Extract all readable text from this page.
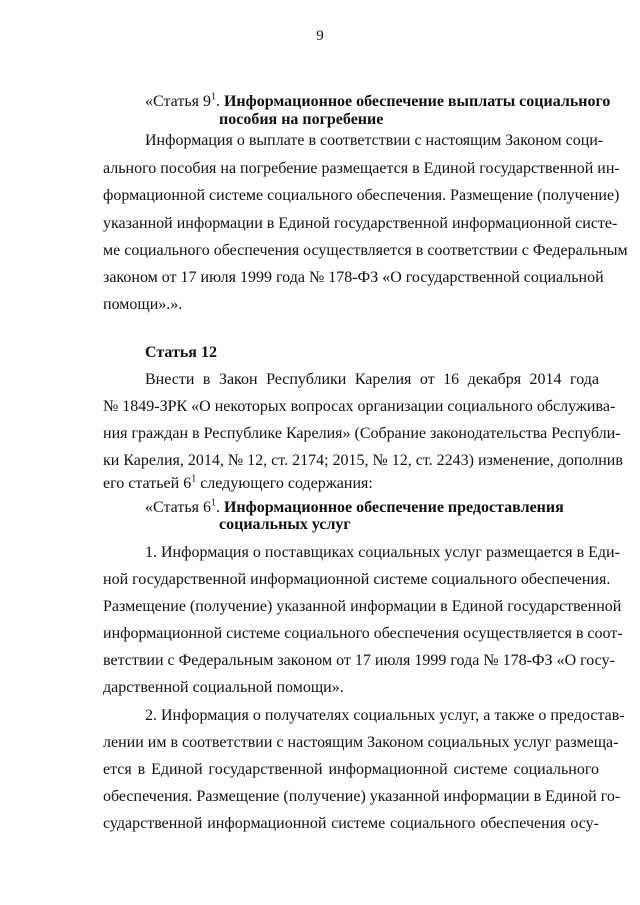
9
«Статья $9^1$. Информационное обеспечение выплаты социального
пособия на погребение
Информация о выплате в соответствии с настоящим Законом соци-
ального пособия на погребение размещается в Единой государственной ин-
формационной системе социального обеспечения. Размещение (получение)
указанной информации в Единой государственной информационной систе-
ме социального обеспечения осуществляется в соответствии с Федеральным
законом от 17 июля 1999 года № 178-ФЗ «О государственной социальной
помощи».».
Статья 12
Внести в Закон Республики Карелия от 16 декабря 2014 года
№ 1849-ЗРК «О некоторых вопросах организации социального обслужива-
ния граждан в Республике Карелия» (Собрание законодательства Республи-
ки Карелия, 2014, № 12, ст. 2174; 2015, № 12, ст. 2243) изменение, дополнив
его статьей $6^1$ следующего содержания:
«Статья $6^1$. Информационное обеспечение предоставления
социальных услуг
1. Информация о поставщиках социальных услуг размещается в Еди-
ной государственной информационной системе социального обеспечения.
Размещение (получение) указанной информации в Единой государственной
информационной системе социального обеспечения осуществляется в соот-
ветствии с Федеральным законом от 17 июля 1999 года № 178-ФЗ «О госу-
дарственной социальной помощи».
2. Информация о получателях социальных услуг, а также о предостав-
лении им в соответствии с настоящим Законом социальных услуг размеща-
ется в Единой государственной информационной системе социального
обеспечения. Размещение (получение) указанной информации в Единой го-
сударственной информационной системе социального обеспечения осу-
